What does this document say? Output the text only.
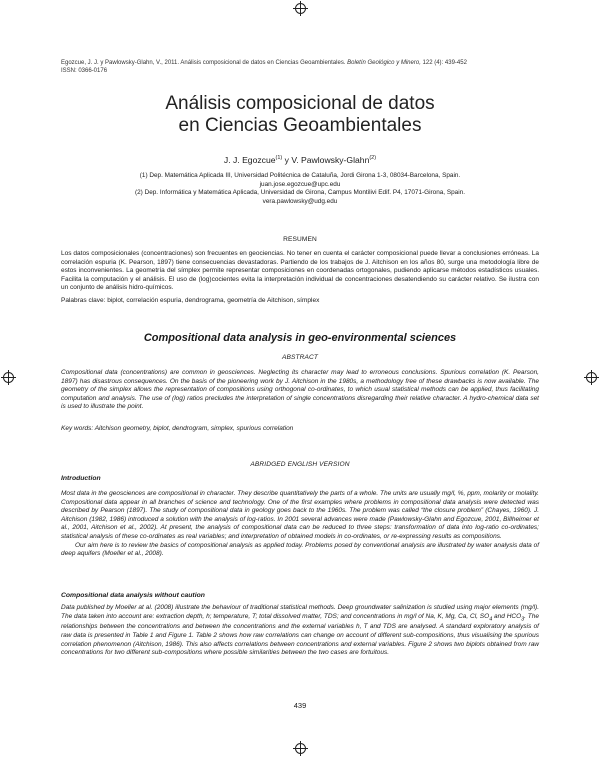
Egozcue, J. J. y Pawlowsky-Glahn, V., 2011. Análisis composicional de datos en Ciencias Geoambientales. Boletín Geológico y Minero, 122 (4): 439-452
ISSN: 0366-0176
Análisis composicional de datos
en Ciencias Geoambientales
J. J. Egozcue$^{(1)}$ y V. Pawlowsky-Glahn$^{(2)}$
(1) Dep. Matemática Aplicada III, Universidad Politécnica de Cataluña, Jordi Girona 1-3, 08034-Barcelona, Spain.
juan.jose.egozcue@upc.edu
(2) Dep. Informática y Matemática Aplicada, Universidad de Girona, Campus Montilivi Edif. P4, 17071-Girona, Spain.
vera.pawlowsky@udg.edu
RESUMEN
Los datos composicionales (concentraciones) son frecuentes en geociencias. No tener en cuenta el carácter composicional puede llevar a conclusiones erróneas. La correlación espuria (K. Pearson, 1897) tiene consecuencias devastadoras. Partiendo de los trabajos de J. Aitchison en los años 80, surge una metodología libre de estos inconvenientes. La geometría del símplex permite representar composiciones en coordenadas ortogonales, pudiendo aplicarse métodos estadísticos usuales. Facilita la computación y el análisis. El uso de (log)cocientes evita la interpretación individual de concentraciones desatendiendo su carácter relativo. Se ilustra con un conjunto de análisis hidro-químicos.
Palabras clave: biplot, correlación espuria, dendrograma, geometría de Aitchison, símplex
Compositional data analysis in geo-environmental sciences
ABSTRACT
Compositional data (concentrations) are common in geosciences. Neglecting its character may lead to erroneous conclusions. Spurious correlation (K. Pearson, 1897) has disastrous consequences. On the basis of the pioneering work by J. Aitchison in the 1980s, a methodology free of these drawbacks is now available. The geometry of the simplex allows the representation of compositions using orthogonal co-ordinates, to which usual statistical methods can be applied, thus facilitating computation and analysis. The use of (log) ratios precludes the interpretation of single concentrations disregarding their relative character. A hydro-chemical data set is used to illustrate the point.
Key words: Aitchison geometry, biplot, dendrogram, simplex, spurious correlation
ABRIDGED ENGLISH VERSION
Introduction

Most data in the geosciences are compositional in character. They describe quantitatively the parts of a whole. The units are usually mg/l, %, ppm, molarity or molality. Compositional data appear in all branches of science and technology. One of the first examples where problems in compositional data analysis were detected was described by Pearson (1897). The study of compositional data in geology goes back to the 1960s. The problem was called “the closure problem” (Chayes, 1960). J. Aitchison (1982, 1986) introduced a solution with the analysis of log-ratios. In 2001 several advances were made (Pawlowsky-Glahn and Egozcue, 2001, Billheimer et al., 2001, Aitchison et al., 2002). At present, the analysis of compositional data can be reduced to three steps: transformation of data into log-ratio co-ordinates; statistical analysis of these co-ordinates as real variables; and interpretation of obtained models in co-ordinates, or re-expressing results as compositions.

Our aim here is to review the basics of compositional analysis as applied today. Problems posed by conventional analysis are illustrated by water analysis data of deep aquifers (Moeller et al., 2008).

Compositional data analysis without caution

Data published by Moeller at al. (2008) illustrate the behaviour of traditional statistical methods. Deep groundwater salinization is studied using major elements (mg/l). The data taken into account are: extraction depth, h; temperature, T; total dissolved matter, TDS; and concentrations in mg/l of Na, K, Mg, Ca, Cl, $SO_4$ and $HCO_3$. The relationships between the concentrations and between the concentrations and the external variables h, T and TDS are analysed. A standard exploratory analysis of raw data is presented in Table 1 and Figure 1. Table 2 shows how raw correlations can change on account of different sub-compositions, thus visualising the spurious correlation phenomenon (Aitchison, 1986). This also affects correlations between concentrations and external variables. Figure 2 shows two biplots obtained from raw concentrations for two different sub-compositions where possible similarities between the two cases are fortuitous.

439
